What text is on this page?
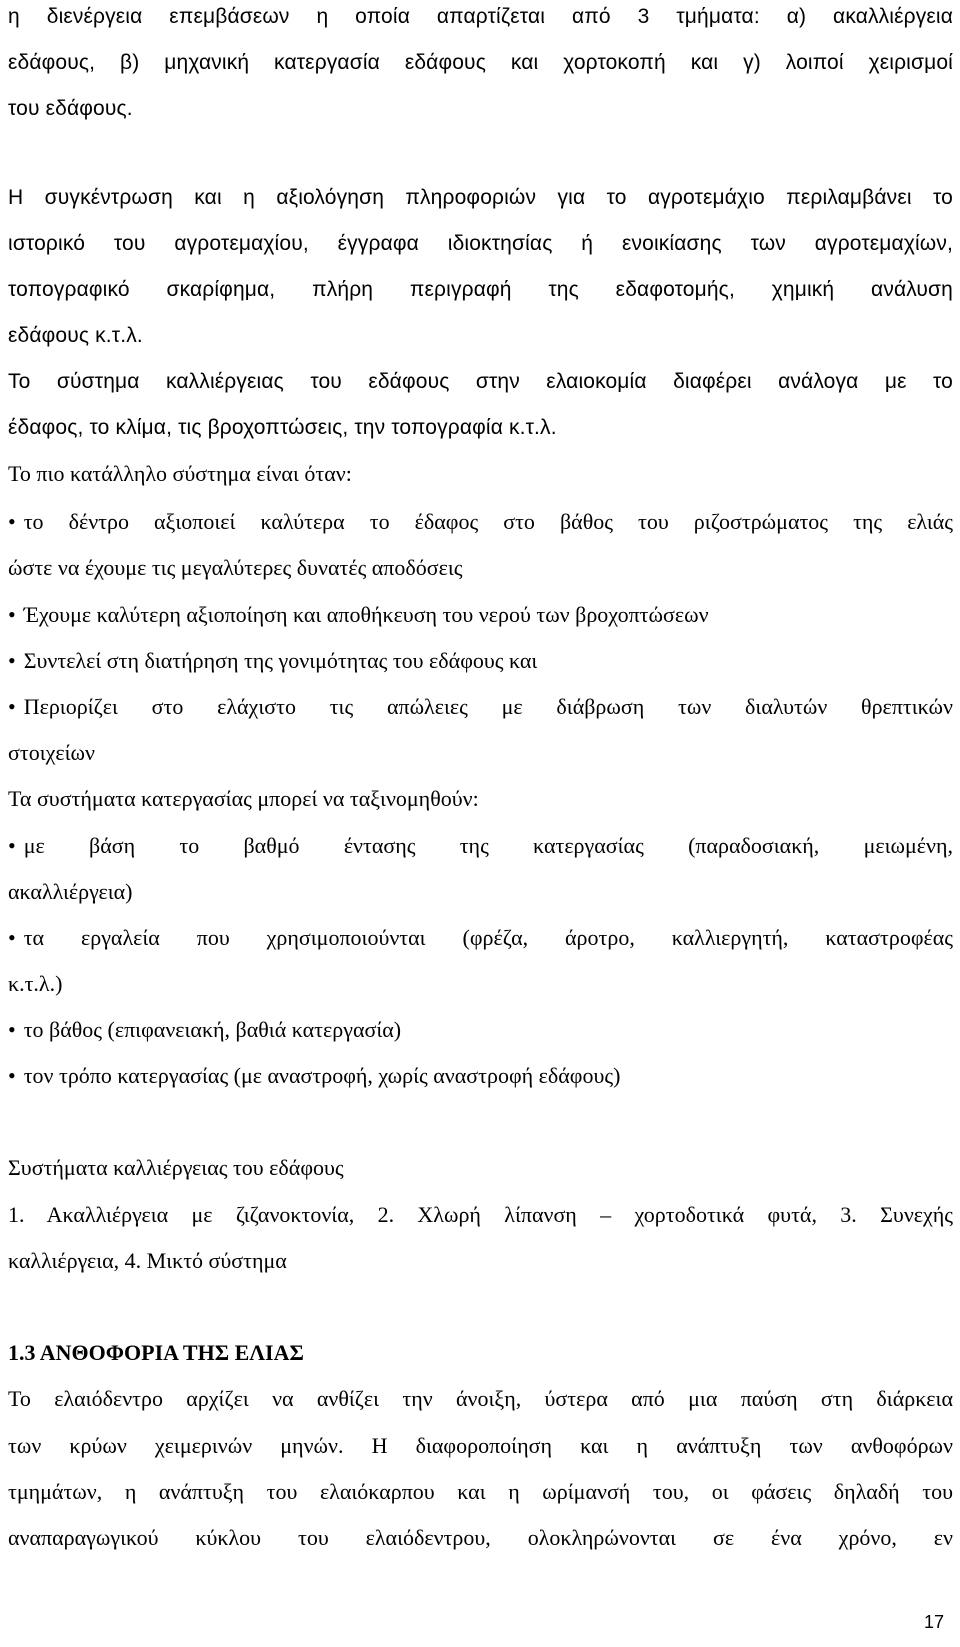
η διενέργεια επεμβάσεων η οποία απαρτίζεται από 3 τμήματα: α) ακαλλιέργεια

εδάφους, β) μηχανική κατεργασία εδάφους και χορτοκοπή και γ) λοιποί χειρισμοί

του εδάφους.

Η συγκέντρωση και η αξιολόγηση πληροφοριών για το αγροτεμάχιο περιλαμβάνει το

ιστορικό του αγροτεμαχίου, έγγραφα ιδιοκτησίας ή ενοικίασης των αγροτεμαχίων,

τοπογραφικό σκαρίφημα, πλήρη περιγραφή της εδαφοτομής, χημική ανάλυση

εδάφους κ.τ.λ.

Το σύστημα καλλιέργειας του εδάφους στην ελαιοκομία διαφέρει ανάλογα με το

έδαφος, το κλίμα, τις βροχοπτώσεις, την τοπογραφία κ.τ.λ.

Το πιο κατάλληλο σύστημα είναι όταν:

• το δέντρο αξιοποιεί καλύτερα το έδαφος στο βάθος του ριζοστρώματος της ελιάς

ώστε να έχουμε τις μεγαλύτερες δυνατές αποδόσεις

• Έχουμε καλύτερη αξιοποίηση και αποθήκευση του νερού των βροχοπτώσεων

• Συντελεί στη διατήρηση της γονιμότητας του εδάφους και

• Περιορίζει στο ελάχιστο τις απώλειες με διάβρωση των διαλυτών θρεπτικών

στοιχείων

Τα συστήματα κατεργασίας μπορεί να ταξινομηθούν:

• με βάση το βαθμό έντασης της κατεργασίας (παραδοσιακή, μειωμένη,

ακαλλιέργεια)

• τα εργαλεία που χρησιμοποιούνται (φρέζα, άροτρο, καλλιεργητή, καταστροφέας

κ.τ.λ.)

• το βάθος (επιφανειακή, βαθιά κατεργασία)

• τον τρόπο κατεργασίας (με αναστροφή, χωρίς αναστροφή εδάφους)

Συστήματα καλλιέργειας του εδάφους

1. Ακαλλιέργεια με ζιζανοκτονία, 2. Χλωρή λίπανση – χορτοδοτικά φυτά, 3. Συνεχής

καλλιέργεια, 4. Μικτό σύστημα

1.3 ΑΝΘΟΦΟΡΙΑ ΤΗΣ ΕΛΙΑΣ

Το ελαιόδεντρο αρχίζει να ανθίζει την άνοιξη, ύστερα από μια παύση στη διάρκεια

των κρύων χειμερινών μηνών. Η διαφοροποίηση και η ανάπτυξη των ανθοφόρων

τμημάτων, η ανάπτυξη του ελαιόκαρπου και η ωρίμανσή του, οι φάσεις δηλαδή του

αναπαραγωγικού κύκλου του ελαιόδεντρου, ολοκληρώνονται σε ένα χρόνο, εν

17
